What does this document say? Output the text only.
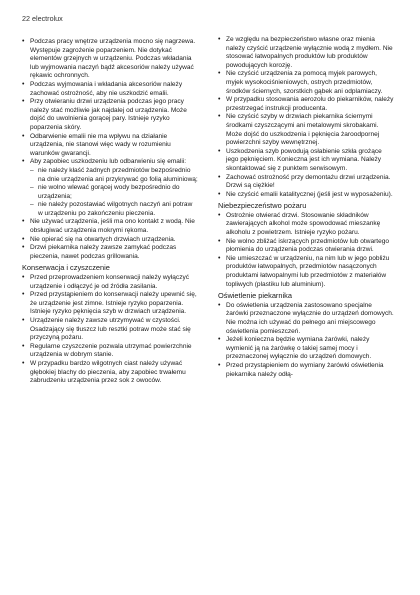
22 electrolux
• Podczas pracy wnętrze urządzenia mocno się nagrzewa. Występuje zagrożenie poparzeniem. Nie dotykać elementów grzejnych w urządzeniu. Podczas wkładania lub wyjmowania naczyń bądź akcesoriów należy używać rękawic ochronnych.
• Podczas wyjmowania i wkładania akcesoriów należy zachować ostrożność, aby nie uszkodzić emalii.
• Przy otwieraniu drzwi urządzenia podczas jego pracy należy stać możliwie jak najdalej od urządzenia. Może dojść do uwolnienia gorącej pary. Istnieje ryzyko poparzenia skóry.
• Odbarwienie emalii nie ma wpływu na działanie urządzenia, nie stanowi więc wady w rozumieniu warunków gwarancji.
• Aby zapobiec uszkodzeniu lub odbarwieniu się emalii:
– nie należy kłaść żadnych przedmiotów bezpośrednio na dnie urządzenia ani przykrywać go folią aluminiową;
– nie wolno wlewać gorącej wody bezpośrednio do urządzenia;
– nie należy pozostawiać wilgotnych naczyń ani potraw w urządzeniu po zakończeniu pieczenia.
• Nie używać urządzenia, jeśli ma ono kontakt z wodą. Nie obsługiwać urządzenia mokrymi rękoma.
• Nie opierać się na otwartych drzwiach urządzenia.
• Drzwi piekarnika należy zawsze zamykać podczas pieczenia, nawet podczas grillowania.
Konserwacja i czyszczenie
• Przed przeprowadzeniem konserwacji należy wyłączyć urządzenie i odłączyć je od źródła zasilania.
• Przed przystąpieniem do konserwacji należy upewnić się, że urządzenie jest zimne. Istnieje ryzyko poparzenia. Istnieje ryzyko pęknięcia szyb w drzwiach urządzenia.
• Urządzenie należy zawsze utrzymywać w czystości. Osadzający się tłuszcz lub resztki potraw może stać się przyczyną pożaru.
• Regularne czyszczenie pozwala utrzymać powierzchnie urządzenia w dobrym stanie.
• W przypadku bardzo wilgotnych ciast należy używać głębokiej blachy do pieczenia, aby zapobiec trwałemu zabrudzeniu urządzenia przez sok z owoców.
• Ze względu na bezpieczeństwo własne oraz mienia należy czyścić urządzenie wyłącznie wodą z mydłem. Nie stosować łatwopalnych produktów lub produktów powodujących korozję.
• Nie czyścić urządzenia za pomocą myjek parowych, myjek wysokociśnieniowych, ostrych przedmiotów, środków ściernych, szorstkich gąbek ani odplamiaczy.
• W przypadku stosowania aerozolu do piekarników, należy przestrzegać instrukcji producenta.
• Nie czyścić szyby w drzwiach piekarnika ściernymi środkami czyszczącymi ani metalowymi skrobakami. Może dojść do uszkodzenia i pęknięcia żaroodpornej powierzchni szyby wewnętrznej.
• Uszkodzenia szyb powodują osłabienie szkła grożące jego pęknięciem. Konieczna jest ich wymiana. Należy skontaktować się z punktem serwisowym.
• Zachować ostrożność przy demontażu drzwi urządzenia. Drzwi są ciężkie!
• Nie czyścić emalii katalitycznej (jeśli jest w wyposażeniu).
Niebezpieczeństwo pożaru
• Ostrożnie otwierać drzwi. Stosowanie składników zawierających alkohol może spowodować mieszankę alkoholu z powietrzem. Istnieje ryzyko pożaru.
• Nie wolno zbliżać iskrzących przedmiotów lub otwartego płomienia do urządzenia podczas otwierania drzwi.
• Nie umieszczać w urządzeniu, na nim lub w jego pobliżu produktów łatwopalnych, przedmiotów nasączonych produktami łatwopalnymi lub przedmiotów z materiałów topliwych (plastiku lub aluminium).
Oświetlenie piekarnika
• Do oświetlenia urządzenia zastosowano specjalne żarówki przeznaczone wyłącznie do urządzeń domowych. Nie można ich używać do pełnego ani miejscowego oświetlenia pomieszczeń.
• Jeżeli konieczna będzie wymiana żarówki, należy wymienić ją na żarówkę o takiej samej mocy i przeznaczonej wyłącznie do urządzeń domowych.
• Przed przystąpieniem do wymiany żarówki oświetlenia piekarnika należy odłą-
